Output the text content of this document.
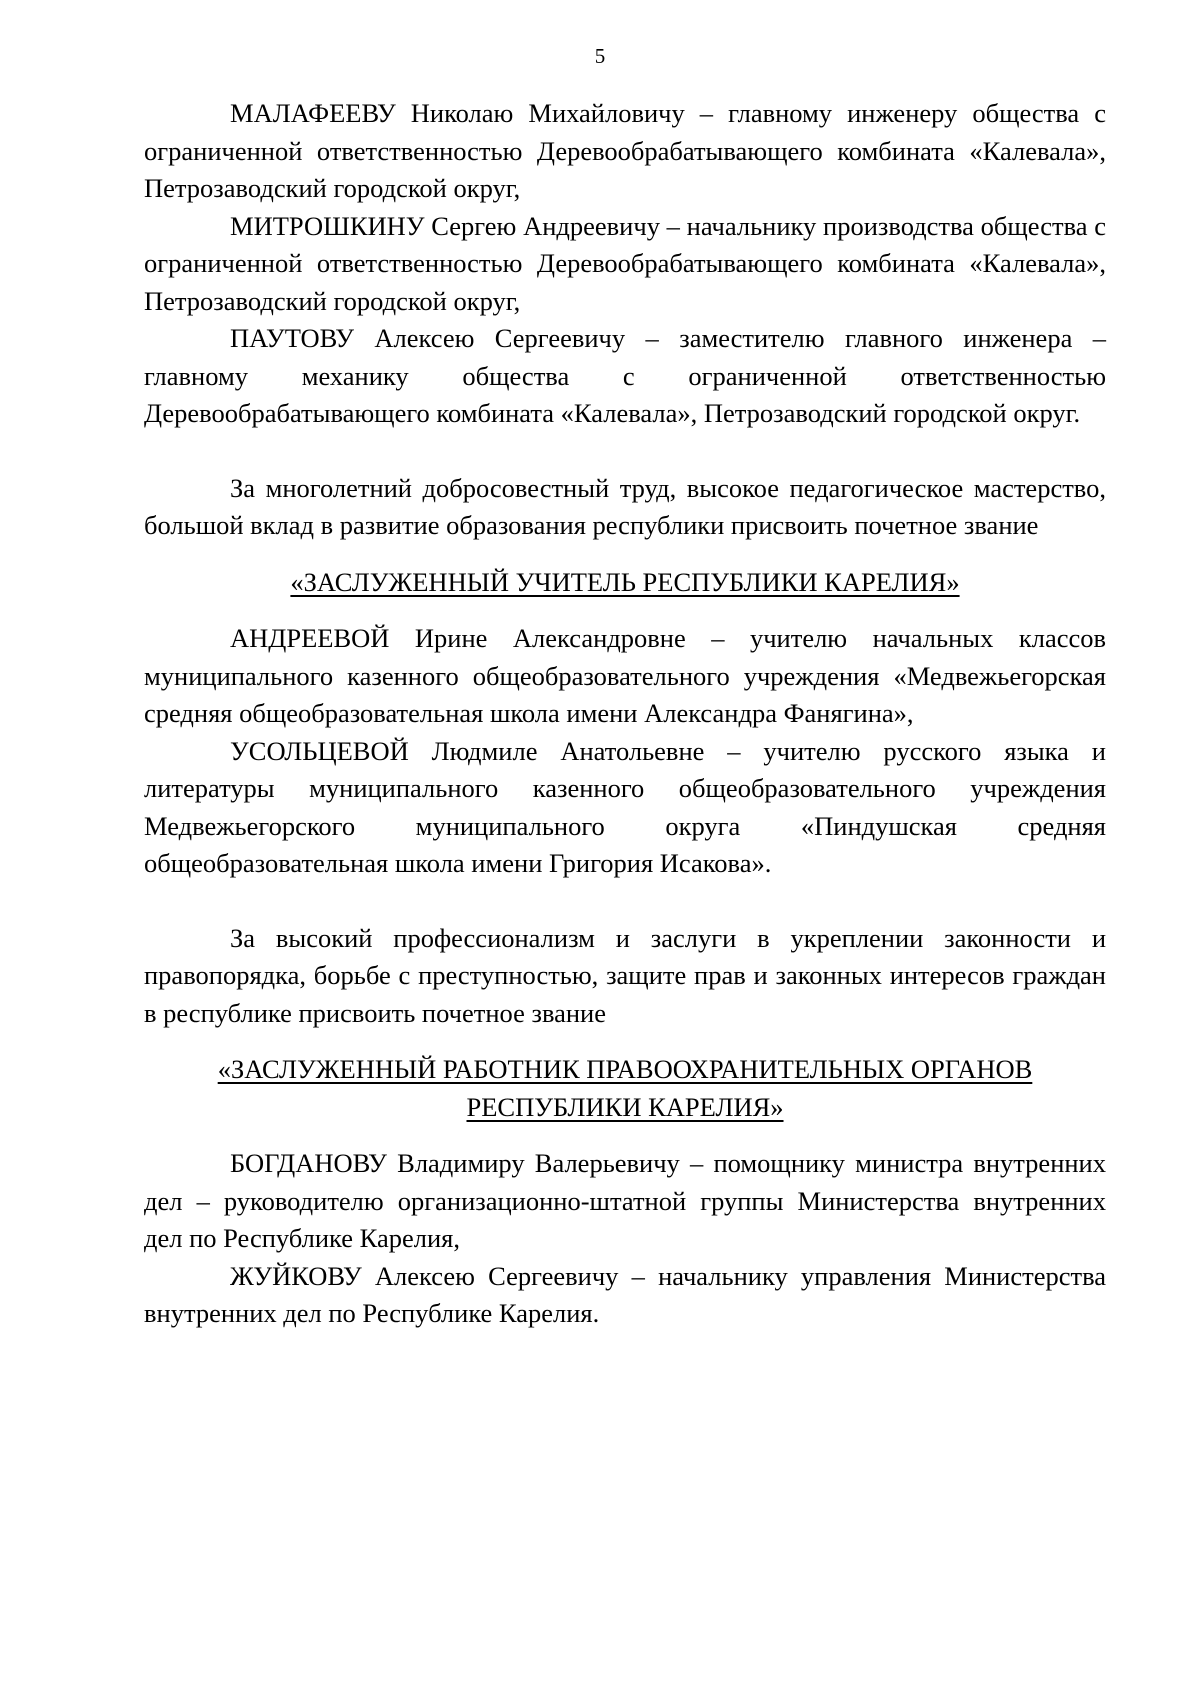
5

МАЛАФЕЕВУ Николаю Михайловичу – главному инженеру общества с ограниченной ответственностью Деревообрабатывающего комбината «Калевала», Петрозаводский городской округ,

МИТРОШКИНУ Сергею Андреевичу – начальнику производства общества с ограниченной ответственностью Деревообрабатывающего комбината «Калевала», Петрозаводский городской округ,

ПАУТОВУ Алексею Сергеевичу – заместителю главного инженера – главному механику общества с ограниченной ответственностью Деревообрабатывающего комбината «Калевала», Петрозаводский городской округ.

За многолетний добросовестный труд, высокое педагогическое мастерство, большой вклад в развитие образования республики присвоить почетное звание

«ЗАСЛУЖЕННЫЙ УЧИТЕЛЬ РЕСПУБЛИКИ КАРЕЛИЯ»

АНДРЕЕВОЙ Ирине Александровне – учителю начальных классов муниципального казенного общеобразовательного учреждения «Медвежьегорская средняя общеобразовательная школа имени Александра Фанягина»,

УСОЛЬЦЕВОЙ Людмиле Анатольевне – учителю русского языка и литературы муниципального казенного общеобразовательного учреждения Медвежьегорского муниципального округа «Пиндушская средняя общеобразовательная школа имени Григория Исакова».

За высокий профессионализм и заслуги в укреплении законности и правопорядка, борьбе с преступностью, защите прав и законных интересов граждан в республике присвоить почетное звание

«ЗАСЛУЖЕННЫЙ РАБОТНИК ПРАВООХРАНИТЕЛЬНЫХ ОРГАНОВ

РЕСПУБЛИКИ КАРЕЛИЯ»

БОГДАНОВУ Владимиру Валерьевичу – помощнику министра внутренних дел – руководителю организационно-штатной группы Министерства внутренних дел по Республике Карелия,

ЖУЙКОВУ Алексею Сергеевичу – начальнику управления Министерства внутренних дел по Республике Карелия.
